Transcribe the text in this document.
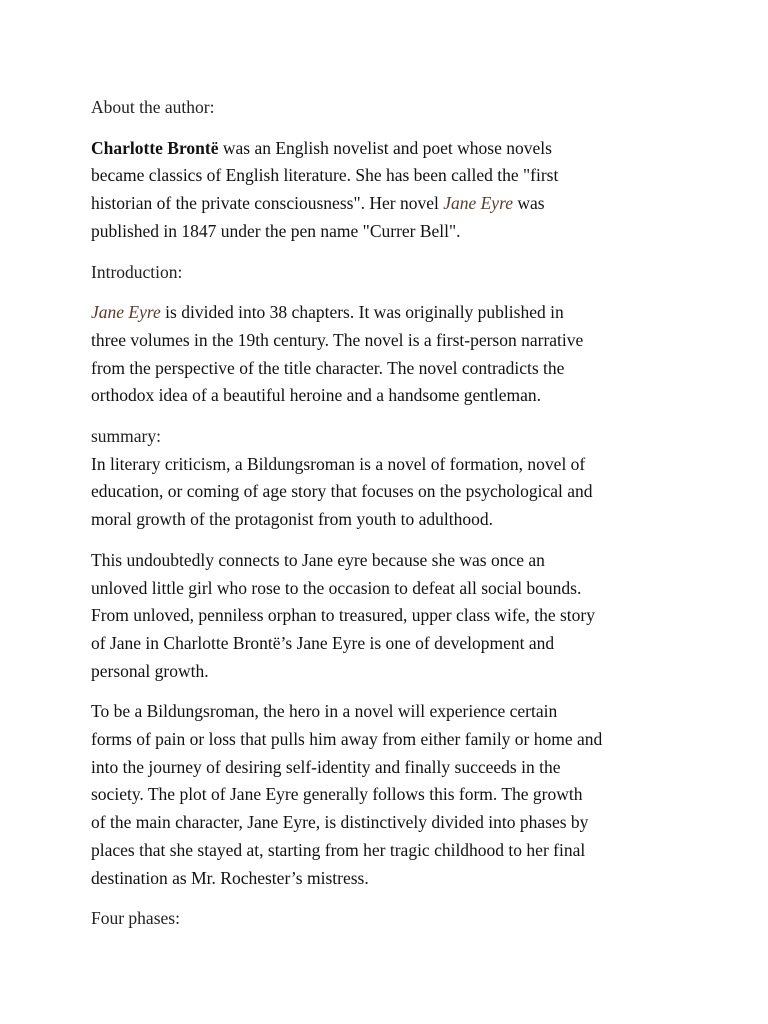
About the author:
Charlotte Brontë was an English novelist and poet whose novels
became classics of English literature. She has been called the "first
historian of the private consciousness". Her novel Jane Eyre was
published in 1847 under the pen name "Currer Bell".
Introduction:
Jane Eyre is divided into 38 chapters. It was originally published in
three volumes in the 19th century. The novel is a first-person narrative
from the perspective of the title character. The novel contradicts the
orthodox idea of a beautiful heroine and a handsome gentleman.
summary:
In literary criticism, a Bildungsroman is a novel of formation, novel of
education, or coming of age story that focuses on the psychological and
moral growth of the protagonist from youth to adulthood.
This undoubtedly connects to Jane eyre because she was once an
unloved little girl who rose to the occasion to defeat all social bounds.
From unloved, penniless orphan to treasured, upper class wife, the story
of Jane in Charlotte Brontë’s Jane Eyre is one of development and
personal growth.
To be a Bildungsroman, the hero in a novel will experience certain
forms of pain or loss that pulls him away from either family or home and
into the journey of desiring self-identity and finally succeeds in the
society. The plot of Jane Eyre generally follows this form. The growth
of the main character, Jane Eyre, is distinctively divided into phases by
places that she stayed at, starting from her tragic childhood to her final
destination as Mr. Rochester’s mistress.
Four phases:
